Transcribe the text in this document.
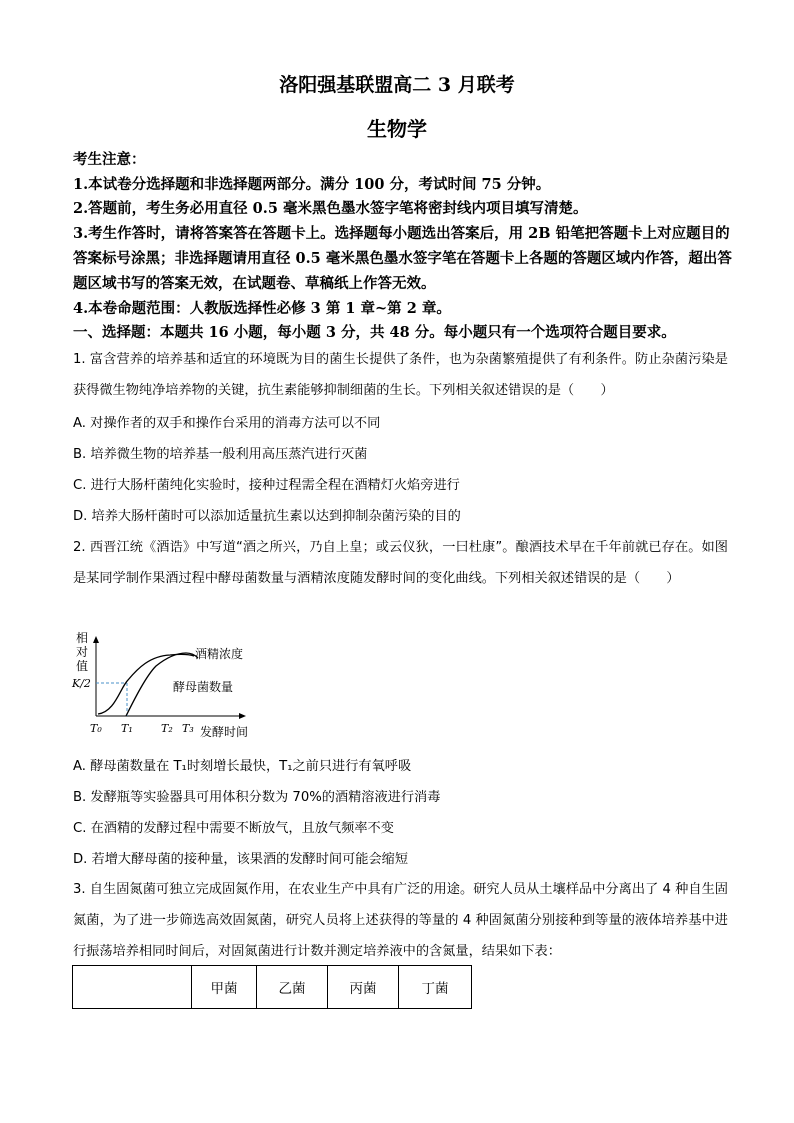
洛阳强基联盟高二 3 月联考
生物学
考生注意：
1.本试卷分选择题和非选择题两部分。满分 100 分，考试时间 75 分钟。
2.答题前，考生务必用直径 0.5 毫米黑色墨水签字笔将密封线内项目填写清楚。
3.考生作答时，请将答案答在答题卡上。选择题每小题选出答案后，用 2B 铅笔把答题卡上对应题目的答案标号涂黑；非选择题请用直径 0.5 毫米黑色墨水签字笔在答题卡上各题的答题区域内作答，超出答题区域书写的答案无效，在试题卷、草稿纸上作答无效。
4.本卷命题范围：人教版选择性必修 3 第 1 章~第 2 章。
一、选择题：本题共 16 小题，每小题 3 分，共 48 分。每小题只有一个选项符合题目要求。
1. 富含营养的培养基和适宜的环境既为目的菌生长提供了条件，也为杂菌繁殖提供了有利条件。防止杂菌污染是获得微生物纯净培养物的关键，抗生素能够抑制细菌的生长。下列相关叙述错误的是（　　）
A. 对操作者的双手和操作台采用的消毒方法可以不同
B. 培养微生物的培养基一般利用高压蒸汽进行灭菌
C. 进行大肠杆菌纯化实验时，接种过程需全程在酒精灯火焰旁进行
D. 培养大肠杆菌时可以添加适量抗生素以达到抑制杂菌污染的目的
2. 西晋江统《酒诰》中写道“酒之所兴，乃自上皇；或云仪狄，一曰杜康”。酿酒技术早在千年前就已存在。如图是某同学制作果酒过程中酵母菌数量与酒精浓度随发酵时间的变化曲线。下列相关叙述错误的是（　　）
相
对
值
K/2
酒精浓度
酵母菌数量
T₀ T₁	T₂ T₃ 发酵时间
A. 酵母菌数量在 T₁时刻增长最快，T₁之前只进行有氧呼吸
B. 发酵瓶等实验器具可用体积分数为 70%的酒精溶液进行消毒
C. 在酒精的发酵过程中需要不断放气，且放气频率不变
D. 若增大酵母菌的接种量，该果酒的发酵时间可能会缩短
3. 自生固氮菌可独立完成固氮作用，在农业生产中具有广泛的用途。研究人员从土壤样品中分离出了 4 种自生固氮菌，为了进一步筛选高效固氮菌，研究人员将上述获得的等量的 4 种固氮菌分别接种到等量的液体培养基中进行振荡培养相同时间后，对固氮菌进行计数并测定培养液中的含氮量，结果如下表：
	甲菌	乙菌	丙菌	丁菌
